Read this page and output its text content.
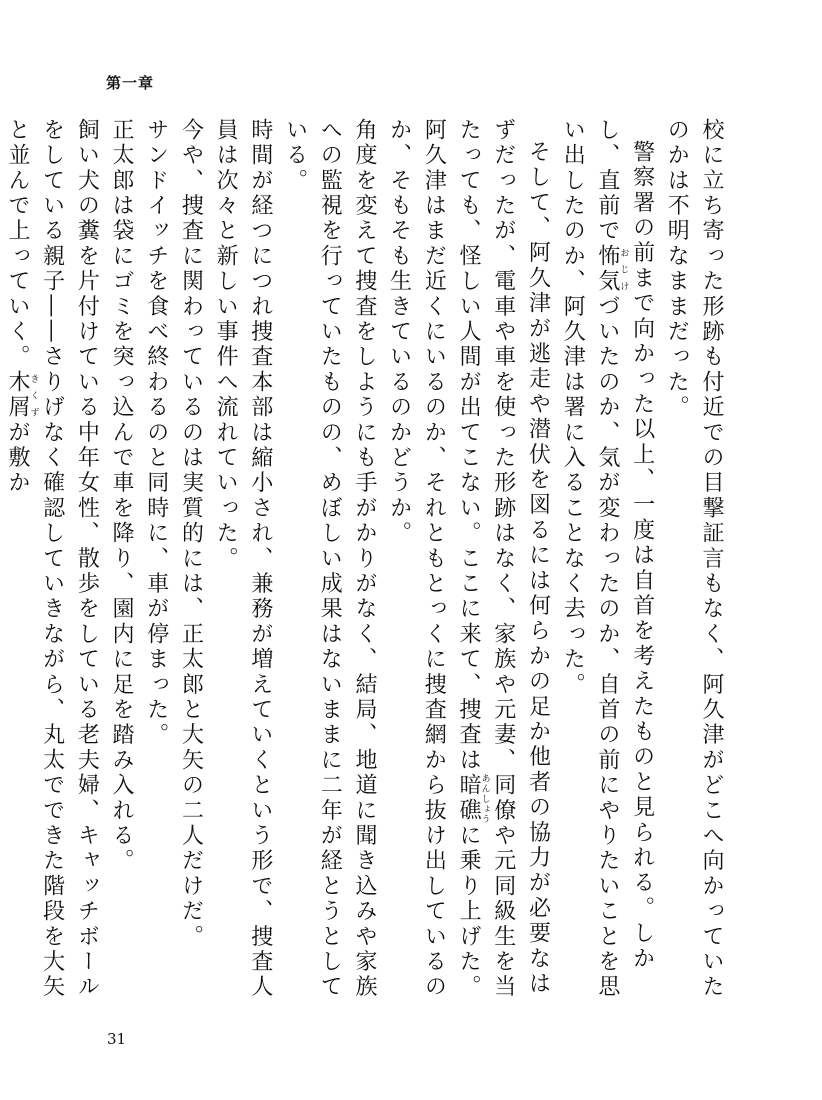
第一章

校に立ち寄った形跡も付近での目撃証言もなく、阿久津がどこへ向かっていたのかは不明なままだった。

警察署の前まで向かった以上、一度は自首を考えたものと見られる。しかし、直前で怖気おじけづいたのか、気が変わったのか、自首の前にやりたいことを思い出したのか、阿久津は署に入ることなく去った。

そして、阿久津が逃走や潜伏を図るには何らかの足か他者の協力が必要なはずだったが、電車や車を使った形跡はなく、家族や元妻、同僚や元同級生を当たっても、怪しい人間が出てこない。ここに来て、捜査は暗礁あんしょうに乗り上げた。

阿久津はまだ近くにいるのか、それともとっくに捜査網から抜け出しているのか、そもそも生きているのかどうか。

角度を変えて捜査をしようにも手がかりがなく、結局、地道に聞き込みや家族への監視を行っていたものの、めぼしい成果はないままに二年が経とうとしている。

時間が経つにつれ捜査本部は縮小され、兼務が増えていくという形で、捜査人員は次々と新しい事件へ流れていった。

今や、捜査に関わっているのは実質的には、正太郎と大矢の二人だけだ。

サンドイッチを食べ終わるのと同時に、車が停まった。

正太郎は袋にゴミを突っ込んで車を降り、園内に足を踏み入れる。

飼い犬の糞を片付けている中年女性、散歩をしている老夫婦、キャッチボールをしている親子――さりげなく確認していきながら、丸太でできた階段を大矢と並んで上っていく。木屑きくずが敷か

31
